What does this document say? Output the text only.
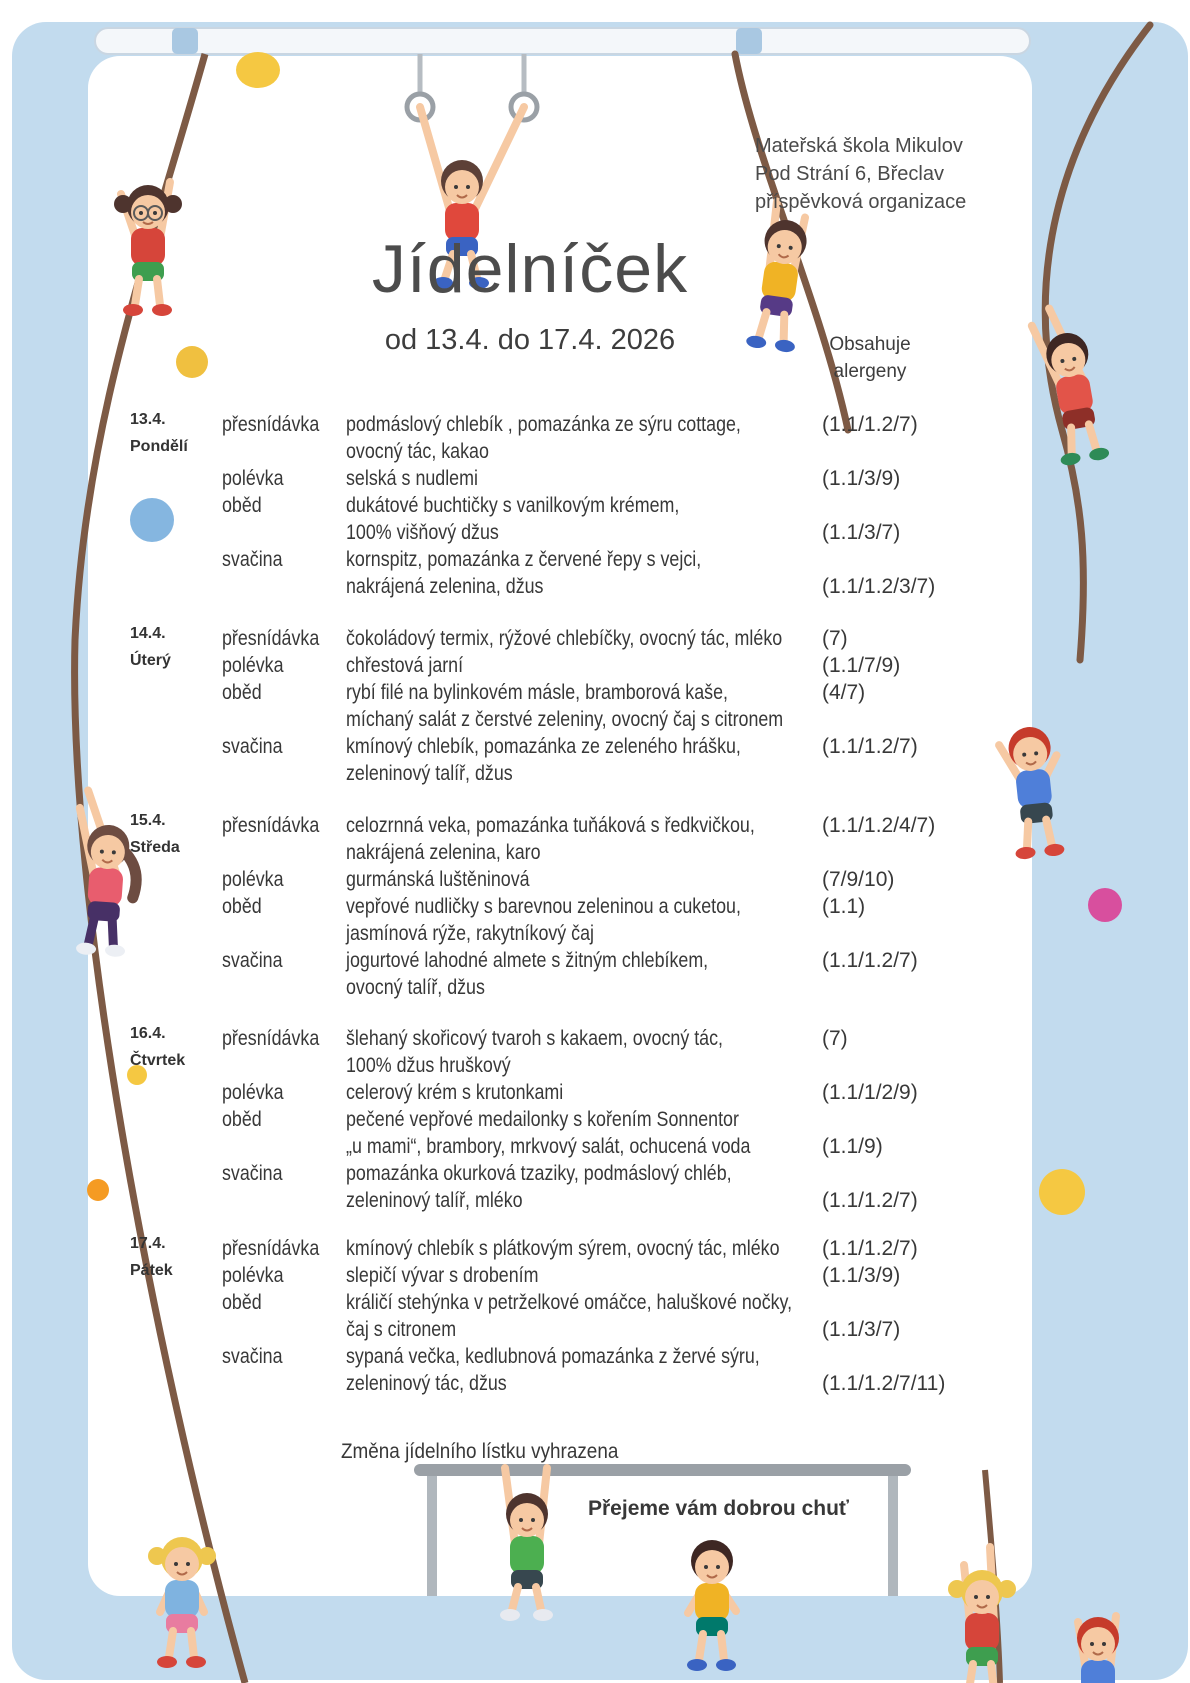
Mateřská škola Mikulov
Pod Strání 6, Břeclav
příspěvková organizace
Jídelníček
od 13.4. do 17.4. 2026	Obsahuje
alergeny
13.4.
Pondělí
přesnídávka podmáslový chlebík , pomazánka ze sýru cottage,	(1.1/1.2/7)
ovocný tác, kakao
polévka	selská s nudlemi	(1.1/3/9)
oběd	dukátové buchtičky s vanilkovým krémem,
100% višňový džus	(1.1/3/7)
svačina	kornspitz, pomazánka z červené řepy s vejci,
nakrájená zelenina, džus	(1.1/1.2/3/7)
14.4.
Úterý
přesnídávka čokoládový termix, rýžové chlebíčky, ovocný tác, mléko (7)
polévka	chřestová jarní	(1.1/7/9)
oběd	rybí filé na bylinkovém másle, bramborová kaše,	(4/7)
míchaný salát z čerstvé zeleniny, ovocný čaj s citronem
svačina	kmínový chlebík, pomazánka ze zeleného hrášku,	(1.1/1.2/7)
zeleninový talíř, džus
15.4.
Středa
přesnídávka celozrnná veka, pomazánka tuňáková s ředkvičkou,	(1.1/1.2/4/7)
nakrájená zelenina, karo
polévka	gurmánská luštěninová	(7/9/10)
oběd	vepřové nudličky s barevnou zeleninou a cuketou,	(1.1)
jasmínová rýže, rakytníkový čaj
svačina	jogurtové lahodné almete s žitným chlebíkem,	(1.1/1.2/7)
ovocný talíř, džus
16.4.
Čtvrtek
přesnídávka šlehaný skořicový tvaroh s kakaem, ovocný tác,	(7)
100% džus hruškový
polévka	celerový krém s krutonkami	(1.1/1/2/9)
oběd	pečené vepřové medailonky s kořením Sonnentor
„u mami“, brambory, mrkvový salát, ochucená voda	(1.1/9)
svačina	pomazánka okurková tzaziky, podmáslový chléb,
zeleninový talíř, mléko	(1.1/1.2/7)
17.4.
Pátek
přesnídávka kmínový chlebík s plátkovým sýrem, ovocný tác, mléko (1.1/1.2/7)
polévka	slepičí vývar s drobením	(1.1/3/9)
oběd	králičí stehýnka v petrželkové omáčce, haluškové nočky,
čaj s citronem	(1.1/3/7)
svačina	sypaná večka, kedlubnová pomazánka z žervé sýru,
zeleninový tác, džus	(1.1/1.2/7/11)
Změna jídelního lístku vyhrazena
Přejeme vám dobrou chuť
